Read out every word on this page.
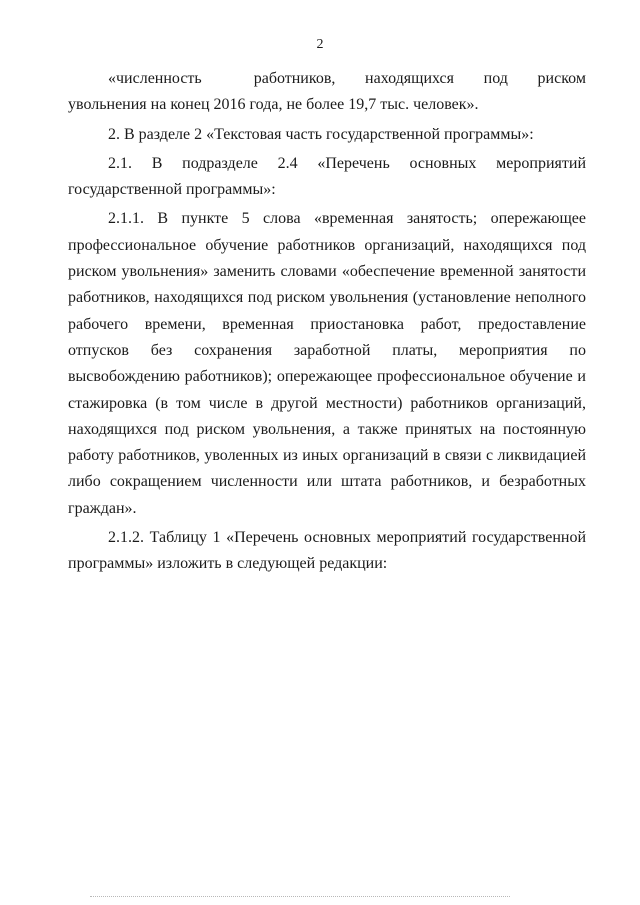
2

«численность	работников, находящихся под риском увольнения на конец 2016 года, не более 19,7 тыс. человек».

2. В разделе 2 «Текстовая часть государственной программы»:

2.1. В подразделе 2.4 «Перечень основных мероприятий государственной программы»:

2.1.1. В пункте 5 слова «временная занятость; опережающее профессиональное обучение работников организаций, находящихся под риском увольнения» заменить словами «обеспечение временной занятости работников, находящихся под риском увольнения (установление неполного рабочего времени, временная приостановка работ, предоставление отпусков без сохранения заработной платы, мероприятия по высвобождению работников); опережающее профессиональное обучение и стажировка (в том числе в другой местности) работников организаций, находящихся под риском увольнения, а также принятых на постоянную работу работников, уволенных из иных организаций в связи с ликвидацией либо сокращением численности или штата работников, и безработных граждан».

2.1.2. Таблицу 1 «Перечень основных мероприятий государственной программы» изложить в следующей редакции:
